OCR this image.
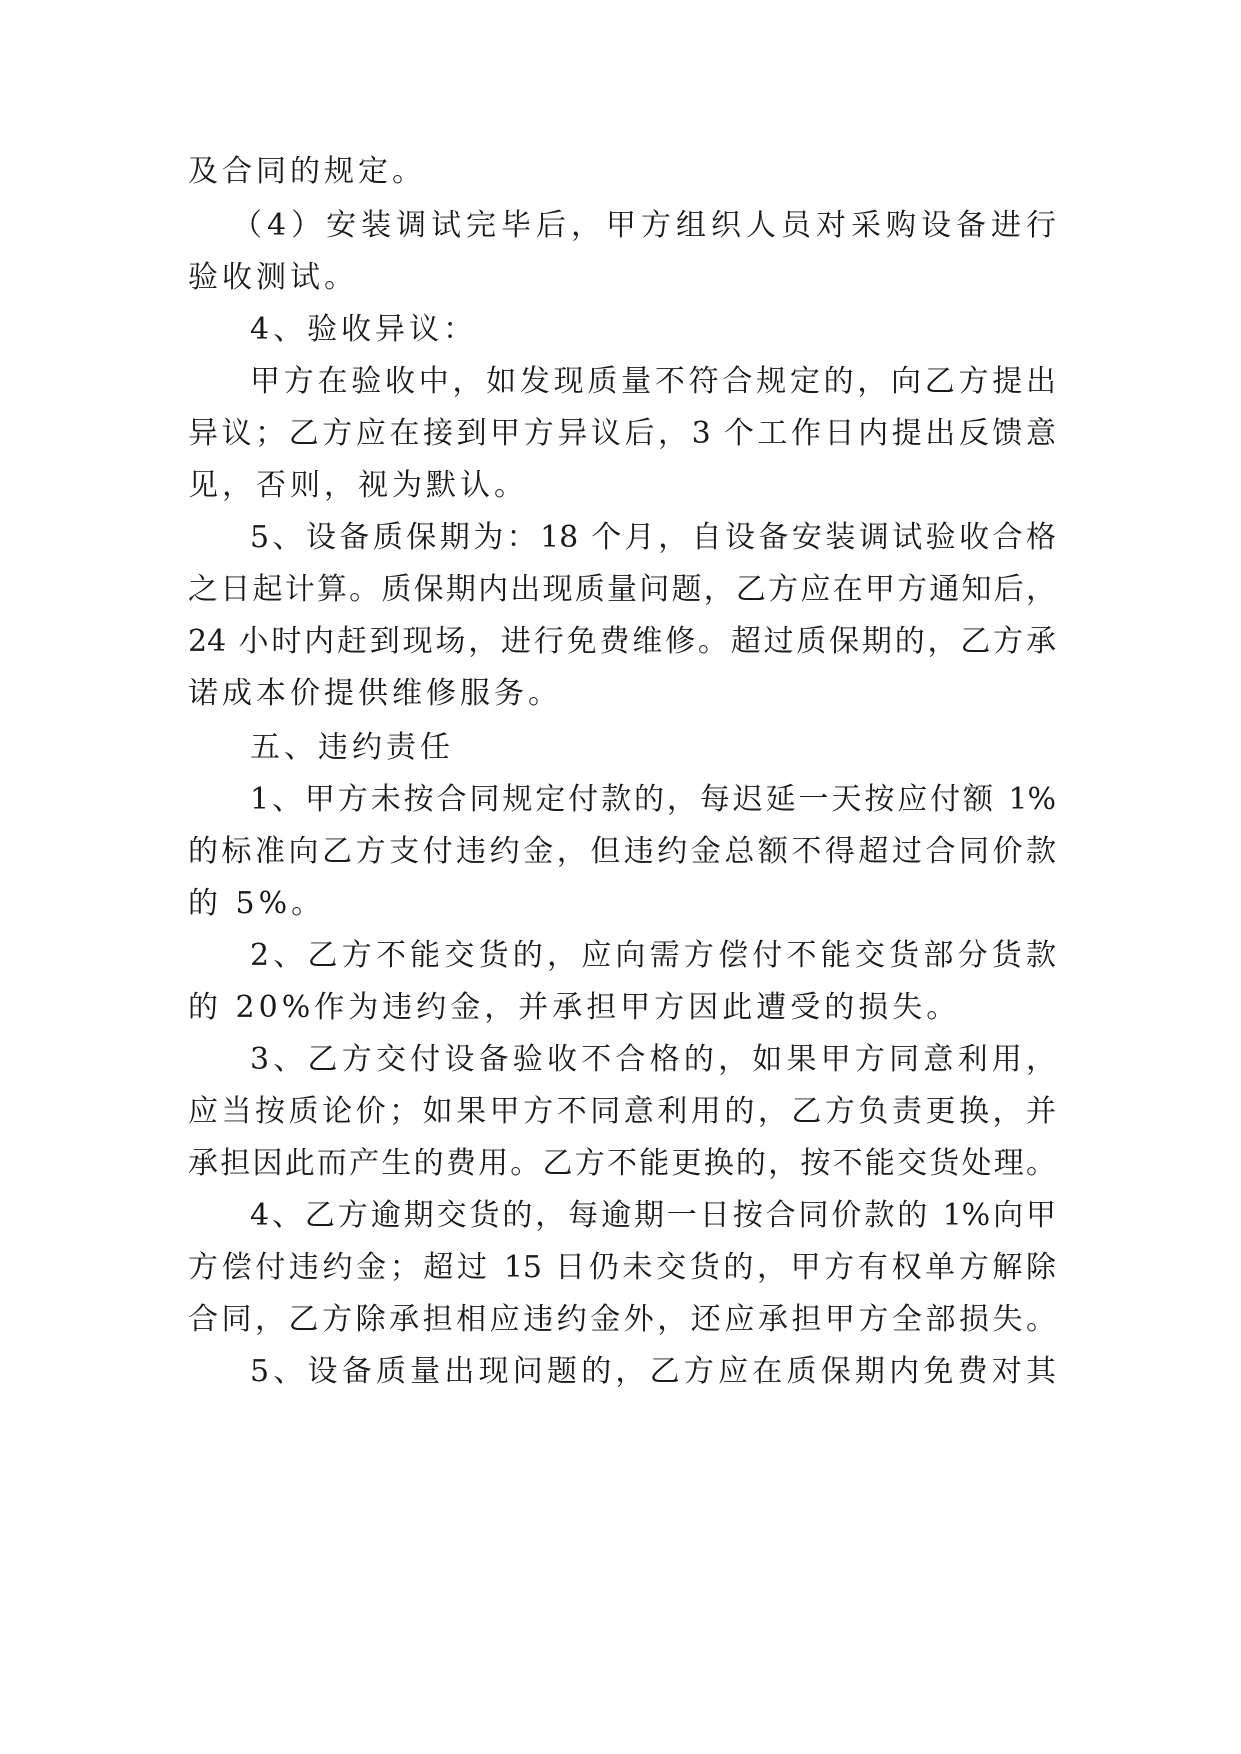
及合同的规定。
（4）安装调试完毕后，甲方组织人员对采购设备进行
验收测试。
4、验收异议：
甲方在验收中，如发现质量不符合规定的，向乙方提出
异议；乙方应在接到甲方异议后，3 个工作日内提出反馈意
见，否则，视为默认。
5、设备质保期为：18 个月，自设备安装调试验收合格
之日起计算。质保期内出现质量问题，乙方应在甲方通知后，
24 小时内赶到现场，进行免费维修。超过质保期的，乙方承
诺成本价提供维修服务。
五、违约责任
1、甲方未按合同规定付款的，每迟延一天按应付额 1%
的标准向乙方支付违约金，但违约金总额不得超过合同价款
的 5%。
2、乙方不能交货的，应向需方偿付不能交货部分货款
的 20%作为违约金，并承担甲方因此遭受的损失。
3、乙方交付设备验收不合格的，如果甲方同意利用，
应当按质论价；如果甲方不同意利用的，乙方负责更换，并
承担因此而产生的费用。乙方不能更换的，按不能交货处理。
4、乙方逾期交货的，每逾期一日按合同价款的 1%向甲
方偿付违约金；超过 15 日仍未交货的，甲方有权单方解除
合同，乙方除承担相应违约金外，还应承担甲方全部损失。
5、设备质量出现问题的，乙方应在质保期内免费对其
